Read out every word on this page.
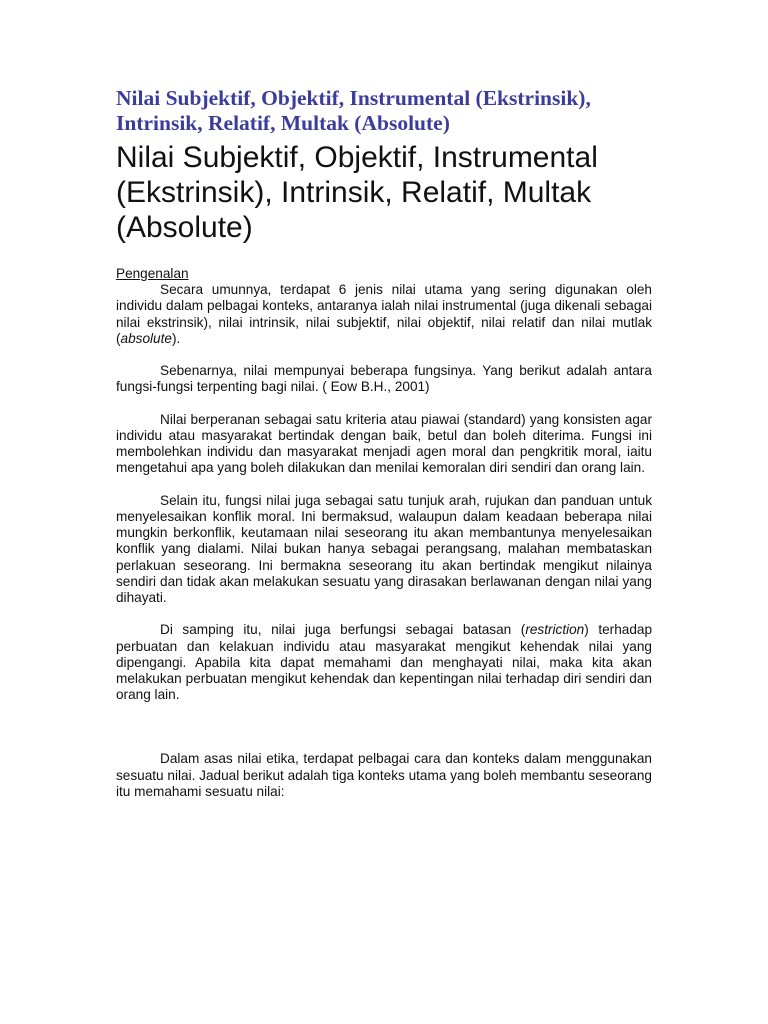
Nilai Subjektif, Objektif, Instrumental (Ekstrinsik),
Intrinsik, Relatif, Multak (Absolute)
Nilai Subjektif, Objektif, Instrumental
(Ekstrinsik), Intrinsik, Relatif, Multak
(Absolute)

Pengenalan

Secara umunnya, terdapat 6 jenis nilai utama yang sering digunakan oleh individu dalam pelbagai konteks, antaranya ialah nilai instrumental (juga dikenali sebagai nilai ekstrinsik), nilai intrinsik, nilai subjektif, nilai objektif, nilai relatif dan nilai mutlak (absolute).

Sebenarnya, nilai mempunyai beberapa fungsinya. Yang berikut adalah antara fungsi-fungsi terpenting bagi nilai. ( Eow B.H., 2001)

Nilai berperanan sebagai satu kriteria atau piawai (standard) yang konsisten agar individu atau masyarakat bertindak dengan baik, betul dan boleh diterima. Fungsi ini membolehkan individu dan masyarakat menjadi agen moral dan pengkritik moral, iaitu mengetahui apa yang boleh dilakukan dan menilai kemoralan diri sendiri dan orang lain.

Selain itu, fungsi nilai juga sebagai satu tunjuk arah, rujukan dan panduan untuk menyelesaikan konflik moral. Ini bermaksud, walaupun dalam keadaan beberapa nilai mungkin berkonflik, keutamaan nilai seseorang itu akan membantunya menyelesaikan konflik yang dialami. Nilai bukan hanya sebagai perangsang, malahan membataskan perlakuan seseorang. Ini bermakna seseorang itu akan bertindak mengikut nilainya sendiri dan tidak akan melakukan sesuatu yang dirasakan berlawanan dengan nilai yang dihayati.

Di samping itu, nilai juga berfungsi sebagai batasan (restriction) terhadap perbuatan dan kelakuan individu atau masyarakat mengikut kehendak nilai yang dipengangi. Apabila kita dapat memahami dan menghayati nilai, maka kita akan melakukan perbuatan mengikut kehendak dan kepentingan nilai terhadap diri sendiri dan orang lain.

Dalam asas nilai etika, terdapat pelbagai cara dan konteks dalam menggunakan sesuatu nilai. Jadual berikut adalah tiga konteks utama yang boleh membantu seseorang itu memahami sesuatu nilai:
